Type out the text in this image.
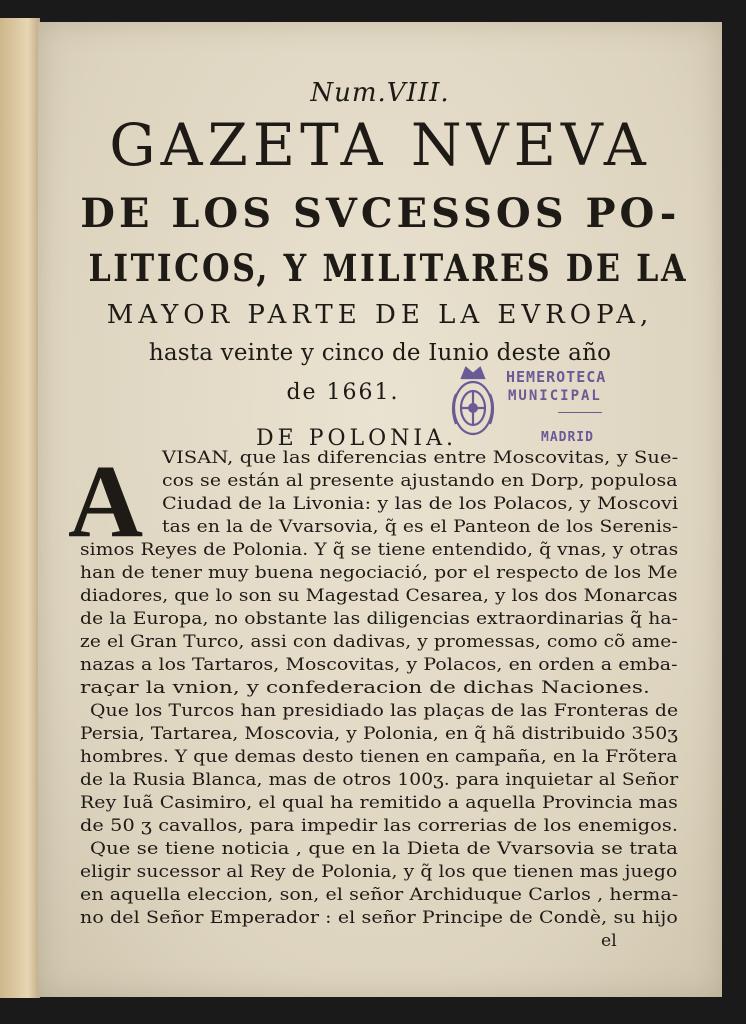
Num.VIII.
GAZETA NVEVA
DE LOS SVCESSOS PO-
LITICOS, Y MILITARES DE LA
MAYOR PARTE DE LA EVROPA,
hasta veinte y cinco de Iunio deste año
de 1661.
DE POLONIA.
HEMEROTECA
MUNICIPAL
MADRID
A VISAN, que las diferencias entre Moscovitas, y Sue-
cos se están al presente ajustando en Dorp, populosa
Ciudad de la Livonia: y las de los Polacos, y Moscovi
tas en la de Vvarsovia, q̃ es el Panteon de los Serenis-
simos Reyes de Polonia. Y q̃ se tiene entendido, q̃ vnas, y otras
han de tener muy buena negociació, por el respecto de los Me
diadores, que lo son su Magestad Cesarea, y los dos Monarcas
de la Europa, no obstante las diligencias extraordinarias q̃ ha-
ze el Gran Turco, assi con dadivas, y promessas, como cõ ame-
nazas a los Tartaros, Moscovitas, y Polacos, en orden a emba-
raçar la vnion, y confederacion de dichas Naciones.
Que los Turcos han presidiado las plaças de las Fronteras de
Persia, Tartarea, Moscovia, y Polonia, en q̃ hã distribuido 350ʒ
hombres. Y que demas desto tienen en campaña, en la Frõtera
de la Rusia Blanca, mas de otros 100ʒ. para inquietar al Señor
Rey Iuã Casimiro, el qual ha remitido a aquella Provincia mas
de 50 ʒ cavallos, para impedir las correrias de los enemigos.
Que se tiene noticia , que en la Dieta de Vvarsovia se trata
eligir sucessor al Rey de Polonia, y q̃ los que tienen mas juego
en aquella eleccion, son, el señor Archiduque Carlos , herma-
no del Señor Emperador : el señor Principe de Condè, su hijo
el
